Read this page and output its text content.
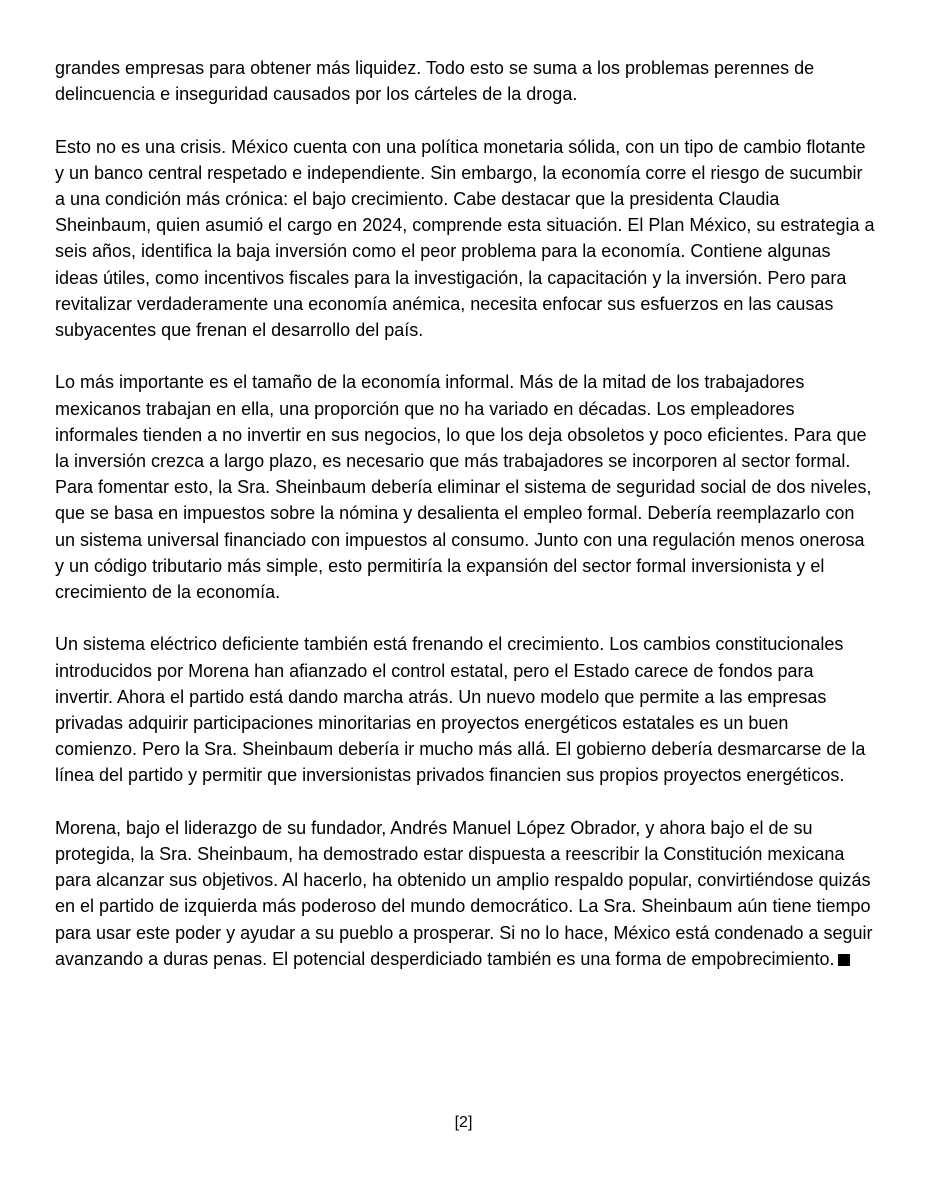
grandes empresas para obtener más liquidez. Todo esto se suma a los problemas perennes de delincuencia e inseguridad causados por los cárteles de la droga.

Esto no es una crisis. México cuenta con una política monetaria sólida, con un tipo de cambio flotante y un banco central respetado e independiente. Sin embargo, la economía corre el riesgo de sucumbir a una condición más crónica: el bajo crecimiento. Cabe destacar que la presidenta Claudia Sheinbaum, quien asumió el cargo en 2024, comprende esta situación. El Plan México, su estrategia a seis años, identifica la baja inversión como el peor problema para la economía. Contiene algunas ideas útiles, como incentivos fiscales para la investigación, la capacitación y la inversión. Pero para revitalizar verdaderamente una economía anémica, necesita enfocar sus esfuerzos en las causas subyacentes que frenan el desarrollo del país.

Lo más importante es el tamaño de la economía informal. Más de la mitad de los trabajadores mexicanos trabajan en ella, una proporción que no ha variado en décadas. Los empleadores informales tienden a no invertir en sus negocios, lo que los deja obsoletos y poco eficientes. Para que la inversión crezca a largo plazo, es necesario que más trabajadores se incorporen al sector formal. Para fomentar esto, la Sra. Sheinbaum debería eliminar el sistema de seguridad social de dos niveles, que se basa en impuestos sobre la nómina y desalienta el empleo formal. Debería reemplazarlo con un sistema universal financiado con impuestos al consumo. Junto con una regulación menos onerosa y un código tributario más simple, esto permitiría la expansión del sector formal inversionista y el crecimiento de la economía.

Un sistema eléctrico deficiente también está frenando el crecimiento. Los cambios constitucionales introducidos por Morena han afianzado el control estatal, pero el Estado carece de fondos para invertir. Ahora el partido está dando marcha atrás. Un nuevo modelo que permite a las empresas privadas adquirir participaciones minoritarias en proyectos energéticos estatales es un buen comienzo. Pero la Sra. Sheinbaum debería ir mucho más allá. El gobierno debería desmarcarse de la línea del partido y permitir que inversionistas privados financien sus propios proyectos energéticos.

Morena, bajo el liderazgo de su fundador, Andrés Manuel López Obrador, y ahora bajo el de su protegida, la Sra. Sheinbaum, ha demostrado estar dispuesta a reescribir la Constitución mexicana para alcanzar sus objetivos. Al hacerlo, ha obtenido un amplio respaldo popular, convirtiéndose quizás en el partido de izquierda más poderoso del mundo democrático. La Sra. Sheinbaum aún tiene tiempo para usar este poder y ayudar a su pueblo a prosperar. Si no lo hace, México está condenado a seguir avanzando a duras penas. El potencial desperdiciado también es una forma de empobrecimiento.

[2]
